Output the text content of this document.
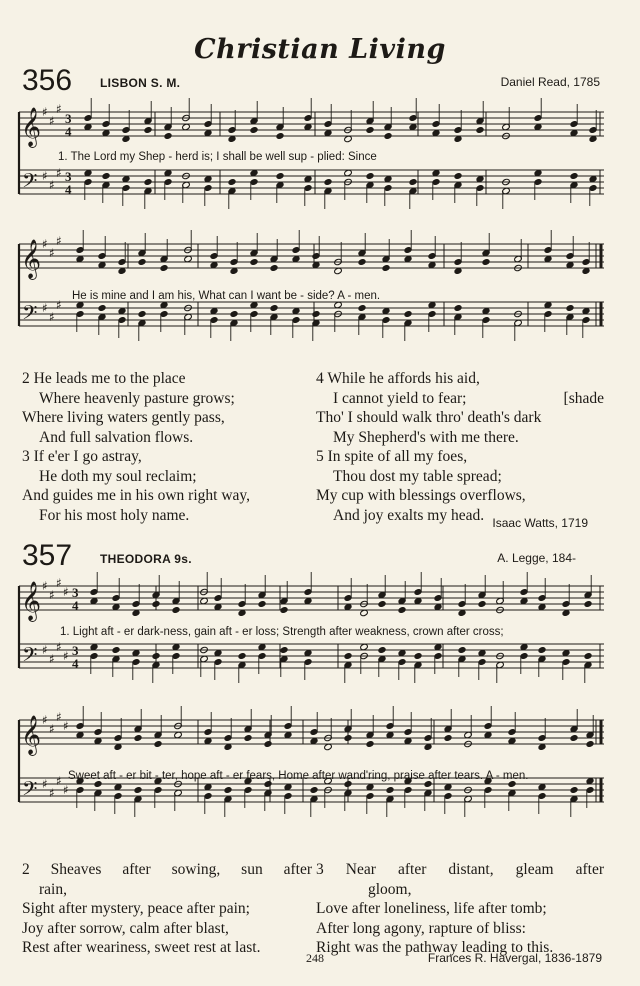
Christian Living
356 LISBON S. M.	Daniel Read, 1785
𝄞
𝄢
♯
♯
♯
♯
♯
♯
3
4
3
4
1. The Lord my Shep - herd is; I shall be well sup - plied: Since
𝄞
𝄢
♯
♯
♯
♯
♯
♯
He is mine and I am his, What can I want be - side? A - men.
2 He leads me to the place
Where heavenly pasture grows;
Where living waters gently pass,
And full salvation flows.
3 If e'er I go astray,
He doth my soul reclaim;
And guides me in his own right way,
For his most holy name.
4 While he affords his aid,
I cannot yield to fear;	[shade
Tho' I should walk thro' death's dark
My Shepherd's with me there.
5 In spite of all my foes,
Thou dost my table spread;
My cup with blessings overflows,
And joy exalts my head. Isaac Watts, 1719
357 THEODORA 9s.	A. Legge, 184-
𝄞
𝄢
♯
♯
♯
♯
♯
♯
♯
♯
3
4
3
4
1. Light aft - er dark-ness, gain aft - er loss; Strength after weakness, crown after cross;
𝄞
𝄢
♯
♯
♯
♯
♯
♯
♯
♯
Sweet aft - er bit - ter, hope aft - er fears, Home after wand'ring, praise after tears. A - men.
2 Sheaves after sowing, sun after
rain,
Sight after mystery, peace after pain;
Joy after sorrow, calm after blast,
Rest after weariness, sweet rest at last.
3 Near after distant, gleam after
gloom,
Love after loneliness, life after tomb;
After long agony, rapture of bliss:
Right was the pathway leading to this.
248	Frances R. Havergal, 1836-1879
